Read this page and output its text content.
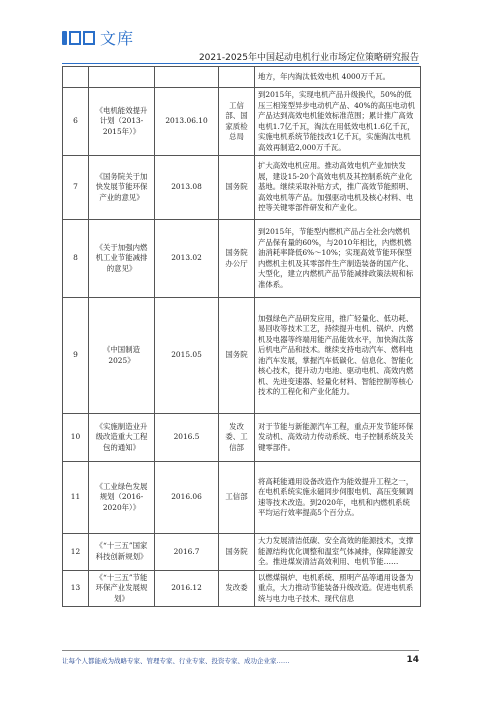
文库
2021-2025年中国起动电机行业市场定位策略研究报告
				地方，年内淘汰低效电机 4000万千瓦。
6	《电机能效提升计划（2013-2015年）》	2013.06.10	工信部、国家质检总局	到2015年，实现电机产品升级换代，50%的低压三相笼型异步电动机产品、40%的高压电动机产品达到高效电机能效标准范围；累计推广高效电机1.7亿千瓦，淘汰在用低效电机1.6亿千瓦，实施电机系统节能技改1亿千瓦，实施淘汰电机高效再制造2,000万千瓦。
7	《国务院关于加快发展节能环保产业的意见》	2013.08	国务院	扩大高效电机应用。推动高效电机产业加快发展，建设15-20个高效电机及其控制系统产业化基地。继续采取补贴方式，推广高效节能照明、高效电机等产品。加强驱动电机及核心材料、电控等关键零部件研发和产业化。
8	《关于加强内燃机工业节能减排的意见》	2013.02	国务院办公厅	到2015年，节能型内燃机产品占全社会内燃机产品保有量的60%，与2010年相比，内燃机燃油消耗率降低6%～10%；实现高效节能环保型内燃机主机及其零部件生产制造装备的国产化、大型化，建立内燃机产品节能减排政策法规和标准体系。
9	《中国制造2025》	2015.05	国务院	加强绿色产品研发应用，推广轻量化、低功耗、易回收等技术工艺，持续提升电机、锅炉、内燃机及电器等终端用能产品能效水平，加快淘汰落后机电产品和技术。继续支持电动汽车、燃料电池汽车发展，掌握汽车低碳化、信息化、智能化核心技术，提升动力电池、驱动电机、高效内燃机、先进变速器、轻量化材料、智能控制等核心技术的工程化和产业化能力。
10	《实施制造业升级改造重大工程包的通知》	2016.5	发改委、工信部	对于节能与新能源汽车工程，重点开发节能环保发动机、高效动力传动系统、电子控制系统及关键零部件。
11	《工业绿色发展规划（2016-2020年）》	2016.06	工信部	将高耗能通用设备改造作为能效提升工程之一，在电机系统实施永磁同步伺服电机、高压变频调速等技术改造。到2020年，电机和内燃机系统平均运行效率提高5个百分点。
12	《“十三五”国家科技创新规划》	2016.7	国务院	大力发展清洁低碳、安全高效的能源技术，支撑能源结构优化调整和温室气体减排，保障能源安全。推进煤炭清洁高效利用、电机节能……
13	《“十三五”节能环保产业发展规划》	2016.12	发改委	以燃煤锅炉、电机系统、照明产品等通用设备为重点，大力推动节能装备升级改造。促进电机系统与电力电子技术、现代信息
让每个人都能成为战略专家、管理专家、行业专家、投资专家、成功企业家……	14
